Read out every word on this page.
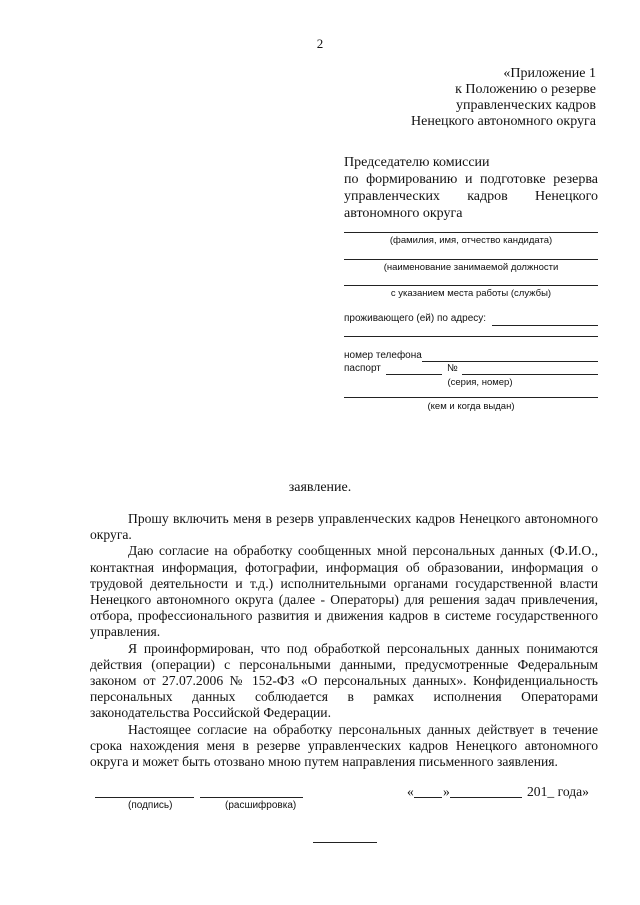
2
«Приложение 1
к Положению о резерве
управленческих кадров
Ненецкого автономного округа
Председателю комиссии
по формированию и подготовке резерва
управленческих кадров Ненецкого
автономного округа
(фамилия, имя, отчество кандидата)
(наименование занимаемой должности
с указанием места работы (службы)
проживающего (ей) по адресу:
номер телефона
паспорт	№
(серия, номер)
(кем и когда выдан)
заявление.

Прошу включить меня в резерв управленческих кадров Ненецкого автономного округа.

Даю согласие на обработку сообщенных мной персональных данных (Ф.И.О., контактная информация, фотографии, информация об образовании, информация о трудовой деятельности и т.д.) исполнительными органами государственной власти Ненецкого автономного округа (далее - Операторы) для решения задач привлечения, отбора, профессионального развития и движения кадров в системе государственного управления.

Я проинформирован, что под обработкой персональных данных понимаются действия (операции) с персональными данными, предусмотренные Федеральным законом от 27.07.2006 № 152-ФЗ «О персональных данных». Конфиденциальность персональных данных соблюдается в рамках исполнения Операторами законодательства Российской Федерации.

Настоящее согласие на обработку персональных данных действует в течение срока нахождения меня в резерве управленческих кадров Ненецкого автономного округа и может быть отозвано мною путем направления письменного заявления.

(подпись)	(расшифровка)
« »	201_ года»
